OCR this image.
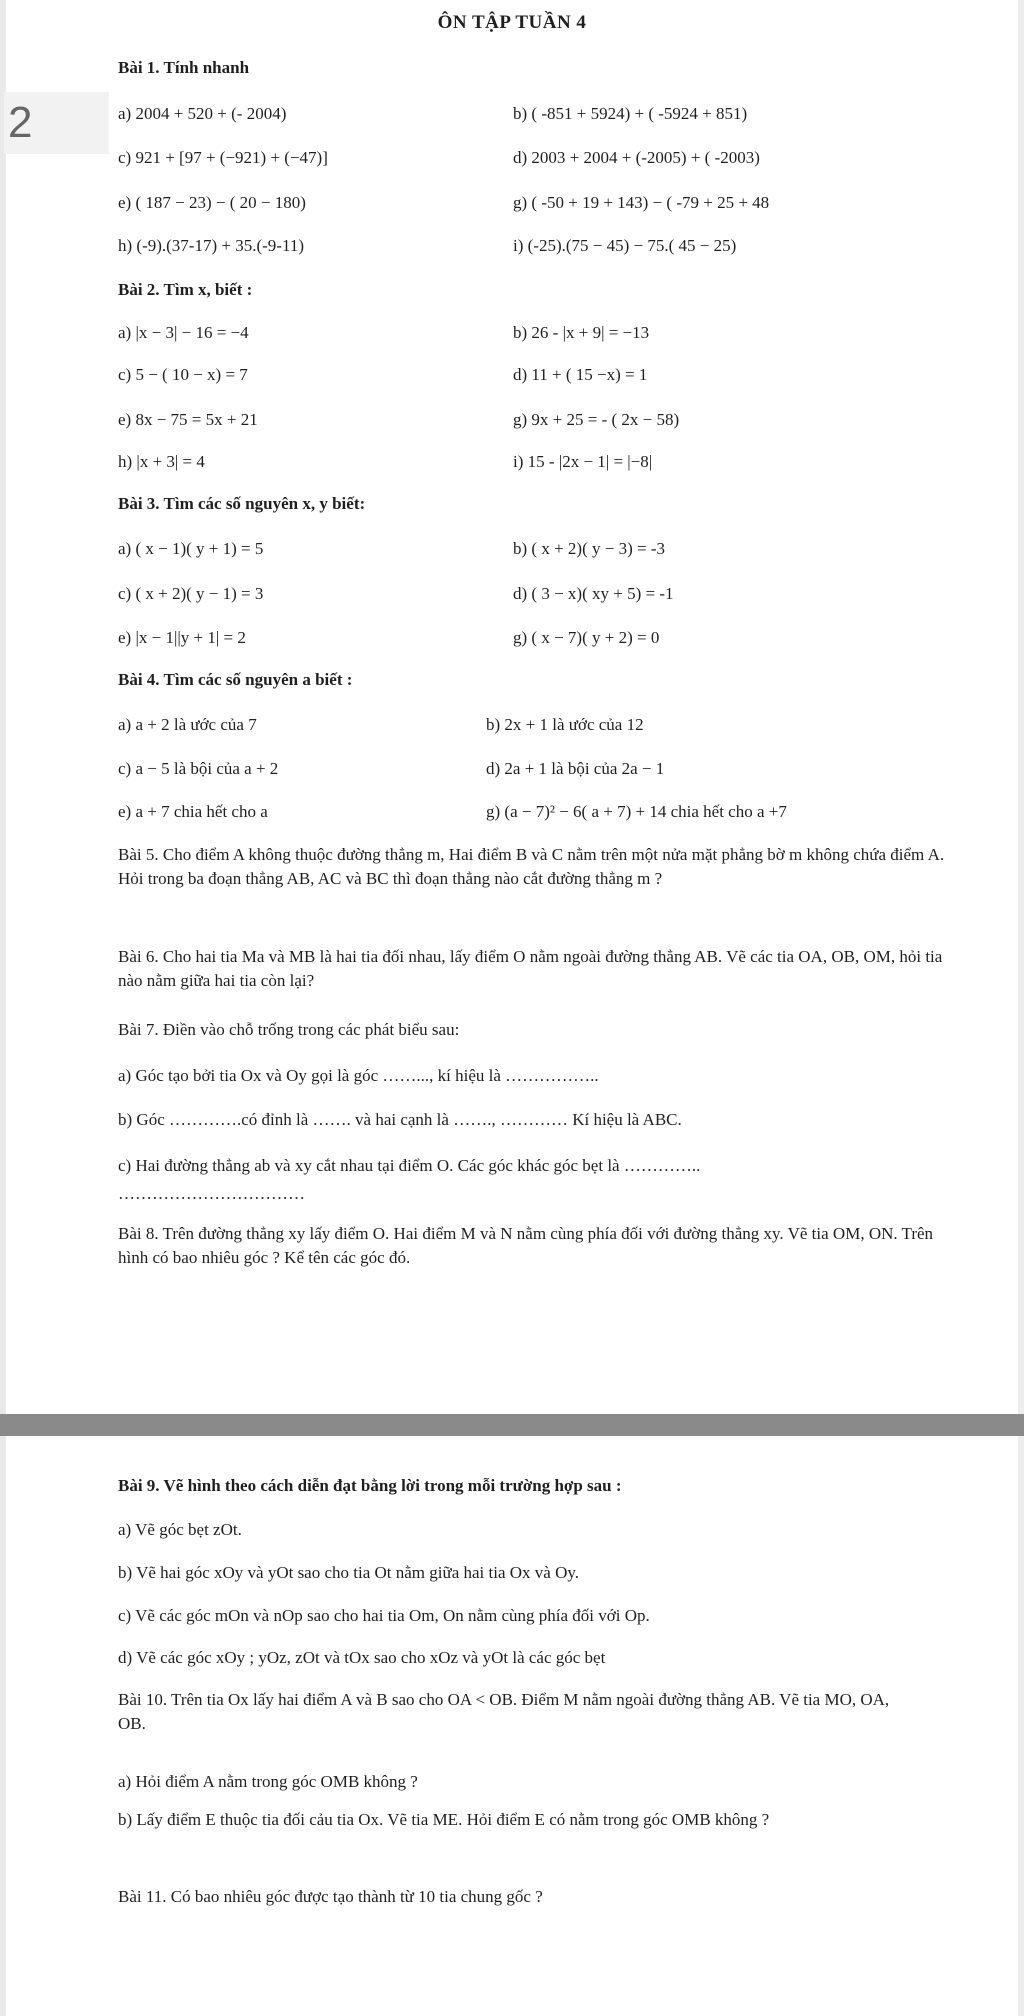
ÔN TẬP TUẦN 4
2
Bài 1. Tính nhanh
a) 2004 + 520 + (- 2004)	b) ( -851 + 5924) + ( -5924 + 851)
c) 921 + [97 + (−921) + (−47)]	d) 2003 + 2004 + (-2005) + ( -2003)
e) ( 187 − 23) − ( 20 − 180)	g) ( -50 + 19 + 143) − ( -79 + 25 + 48
h) (-9).(37-17) + 35.(-9-11)	i) (-25).(75 − 45) − 75.( 45 − 25)
Bài 2. Tìm x, biết :
a) |x − 3| − 16 = −4	b) 26 - |x + 9| = −13
c) 5 − ( 10 − x) = 7	d) 11 + ( 15 −x) = 1
e) 8x − 75 = 5x + 21	g) 9x + 25 = - ( 2x − 58)
h) |x + 3| = 4	i) 15 - |2x − 1| = |−8|
Bài 3. Tìm các số nguyên x, y biết:
a) ( x − 1)( y + 1) = 5	b) ( x + 2)( y − 3) = -3
c) ( x + 2)( y − 1) = 3	d) ( 3 − x)( xy + 5) = -1
e) |x − 1||y + 1| = 2	g) ( x − 7)( y + 2) = 0
Bài 4. Tìm các số nguyên a biết :
a) a + 2 là ước của 7	b) 2x + 1 là ước của 12
c) a − 5 là bội của a + 2	d) 2a + 1 là bội của 2a − 1
e) a + 7 chia hết cho a	g) (a − 7)² − 6( a + 7) + 14 chia hết cho a +7
Bài 5. Cho điểm A không thuộc đường thẳng m, Hai điểm B và C nằm trên một nửa mặt phẳng bờ m không chứa điểm A. Hỏi trong ba đoạn thẳng AB, AC và BC thì đoạn thẳng nào cắt đường thẳng m ?
Bài 6. Cho hai tia Ma và MB là hai tia đối nhau, lấy điểm O nằm ngoài đường thẳng AB. Vẽ các tia OA, OB, OM, hỏi tia nào nằm giữa hai tia còn lại?
Bài 7. Điền vào chỗ trống trong các phát biểu sau:
a) Góc tạo bởi tia Ox và Oy gọi là góc ……..., kí hiệu là ……………..
b) Góc ………….có đỉnh là ……. và hai cạnh là ……., ………… Kí hiệu là ABC.
c) Hai đường thẳng ab và xy cắt nhau tại điểm O. Các góc khác góc bẹt là …………..
……………………………
Bài 8. Trên đường thẳng xy lấy điểm O. Hai điểm M và N nằm cùng phía đối với đường thẳng xy. Vẽ tia OM, ON. Trên hình có bao nhiêu góc ? Kể tên các góc đó.
Bài 9. Vẽ hình theo cách diễn đạt bằng lời trong mỗi trường hợp sau :
a) Vẽ góc bẹt zOt.
b) Vẽ hai góc xOy và yOt sao cho tia Ot nằm giữa hai tia Ox và Oy.
c) Vẽ các góc mOn và nOp sao cho hai tia Om, On nằm cùng phía đối với Op.
d) Vẽ các góc xOy ; yOz, zOt và tOx sao cho xOz và yOt là các góc bẹt
Bài 10. Trên tia Ox lấy hai điểm A và B sao cho OA < OB. Điểm M nằm ngoài đường thẳng AB. Vẽ tia MO, OA, OB.
a) Hỏi điểm A nằm trong góc OMB không ?
b) Lấy điểm E thuộc tia đối cảu tia Ox. Vẽ tia ME. Hỏi điểm E có nằm trong góc OMB không ?
Bài 11. Có bao nhiêu góc được tạo thành từ 10 tia chung gốc ?
